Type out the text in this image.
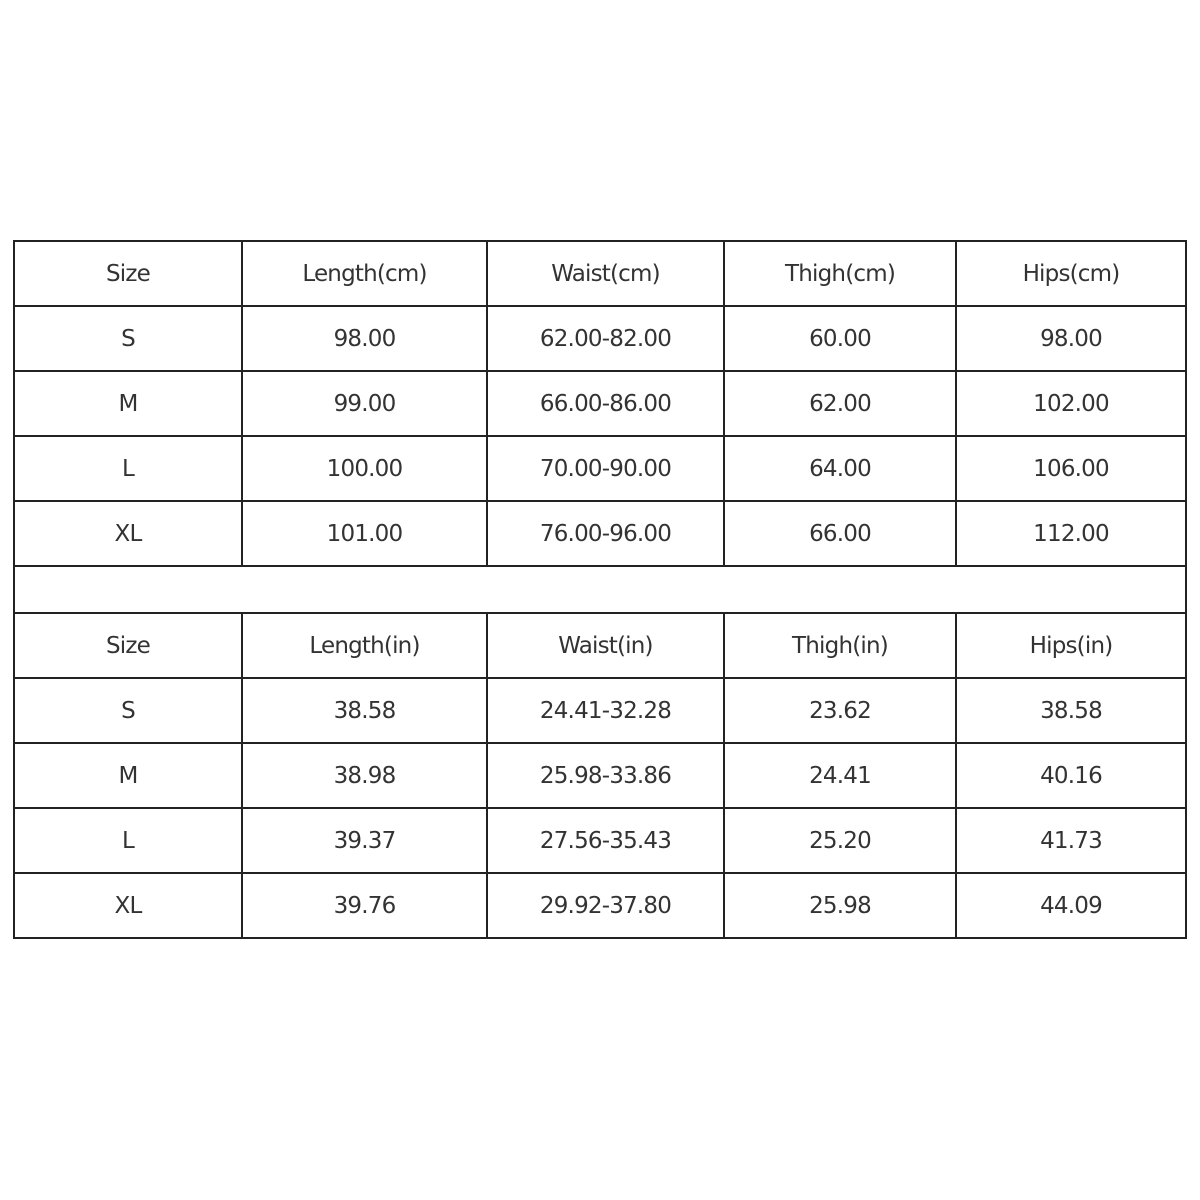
Size	Length(cm)	Waist(cm)	Thigh(cm)	Hips(cm)
S	98.00	62.00-82.00	60.00	98.00
M	99.00	66.00-86.00	62.00	102.00
L	100.00	70.00-90.00	64.00	106.00
XL	101.00	76.00-96.00	66.00	112.00

Size	Length(in)	Waist(in)	Thigh(in)	Hips(in)
S	38.58	24.41-32.28	23.62	38.58
M	38.98	25.98-33.86	24.41	40.16
L	39.37	27.56-35.43	25.20	41.73
XL	39.76	29.92-37.80	25.98	44.09
